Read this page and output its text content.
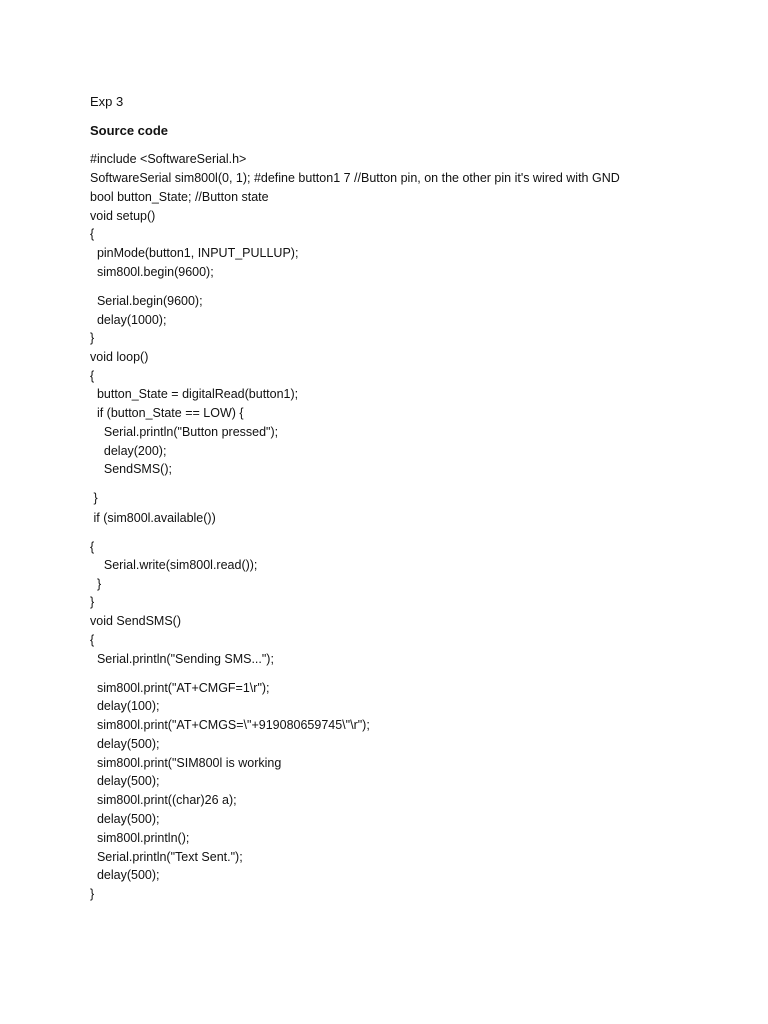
Exp 3
Source code
#include <SoftwareSerial.h>
SoftwareSerial sim800l(0, 1); #define button1 7 //Button pin, on the other pin it's wired with GND
bool button_State; //Button state
void setup()
{
pinMode(button1, INPUT_PULLUP);
sim800l.begin(9600);
Serial.begin(9600);
delay(1000);
}
void loop()
{
button_State = digitalRead(button1);
if (button_State == LOW) {
Serial.println("Button pressed");
delay(200);
SendSMS();
}
if (sim800l.available())
{
Serial.write(sim800l.read());
}
}
void SendSMS()
{
Serial.println("Sending SMS...");
sim800l.print("AT+CMGF=1\r");
delay(100);
sim800l.print("AT+CMGS=\"+919080659745\"\r");
delay(500);
sim800l.print("SIM800l is working
delay(500);
sim800l.print((char)26 a);
delay(500);
sim800l.println();
Serial.println("Text Sent.");
delay(500);
}
